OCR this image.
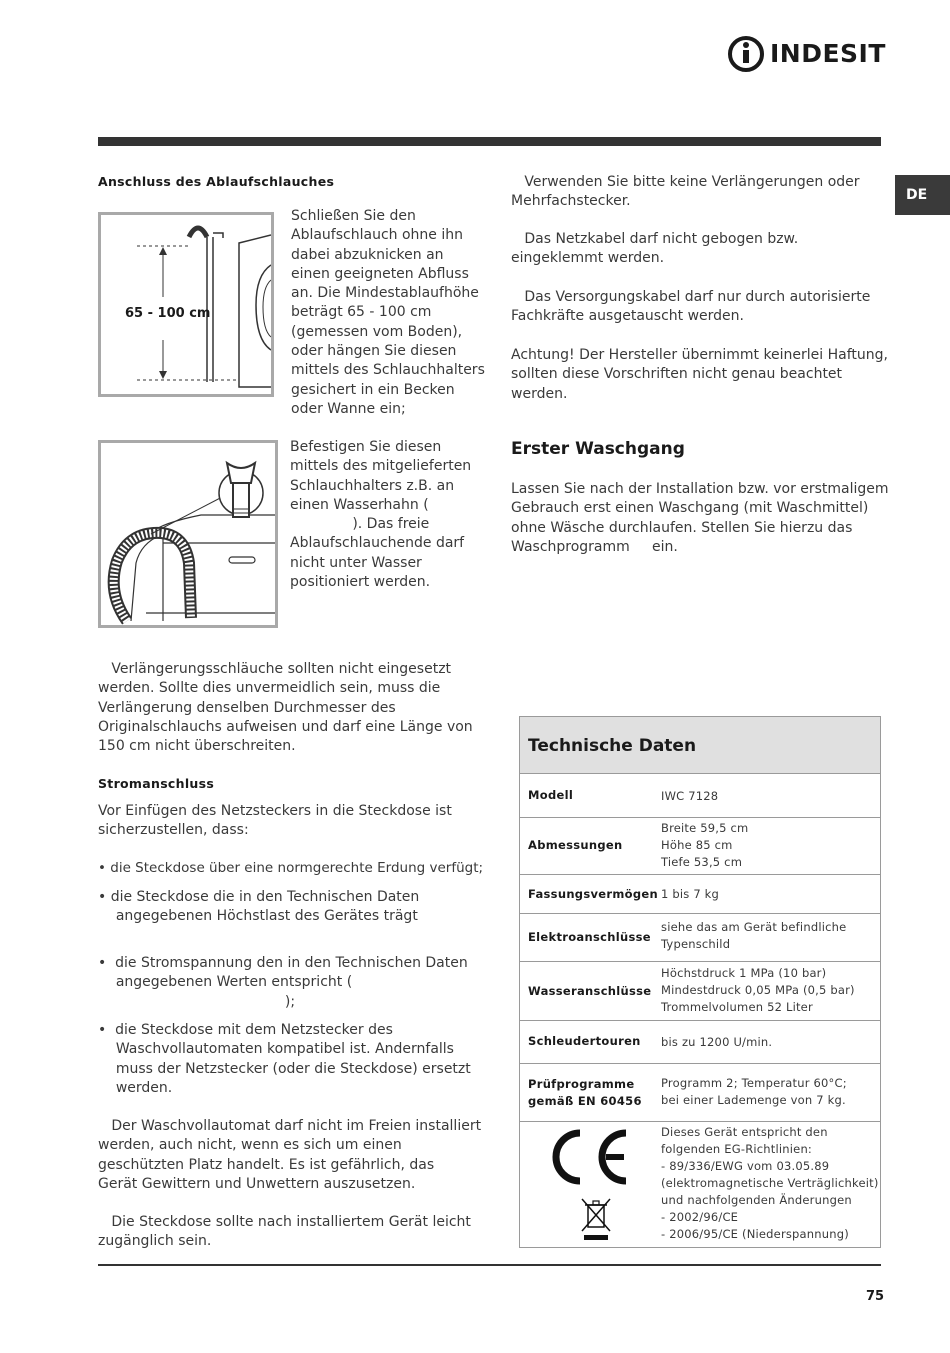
INDESIT
DE
Anschluss des Ablaufschlauches
65 - 100 cm
Schließen Sie den
Ablaufschlauch ohne ihn
dabei abzuknicken an
einen geeigneten Abfluss
an. Die Mindestablaufhöhe
beträgt 65 - 100 cm
(gemessen vom Boden),
oder hängen Sie diesen
mittels des Schlauchhalters
gesichert in ein Becken
oder Wanne ein;
Befestigen Sie diesen
mittels des mitgelieferten
Schlauchhalters z.B. an
einen Wasserhahn (
). Das freie
Ablaufschlauchende darf
nicht unter Wasser
positioniert werden.
Verlängerungsschläuche sollten nicht eingesetzt
werden. Sollte dies unvermeidlich sein, muss die
Verlängerung denselben Durchmesser des
Originalschlauchs aufweisen und darf eine Länge von
150 cm nicht überschreiten.
Stromanschluss
Vor Einfügen des Netzsteckers in die Steckdose ist
sicherzustellen, dass:
• die Steckdose über eine normgerechte Erdung verfügt;
• die Steckdose die in den Technischen Daten
angegebenen Höchstlast des Gerätes trägt
•  die Stromspannung den in den Technischen Daten
angegebenen Werten entspricht (
);
•  die Steckdose mit dem Netzstecker des
Waschvollautomaten kompatibel ist. Andernfalls
muss der Netzstecker (oder die Steckdose) ersetzt
werden.
Der Waschvollautomat darf nicht im Freien installiert
werden, auch nicht, wenn es sich um einen
geschützten Platz handelt. Es ist gefährlich, das
Gerät Gewittern und Unwettern auszusetzen.
Die Steckdose sollte nach installiertem Gerät leicht
zugänglich sein.
Verwenden Sie bitte keine Verlängerungen oder
Mehrfachstecker.
Das Netzkabel darf nicht gebogen bzw.
eingeklemmt werden.
Das Versorgungskabel darf nur durch autorisierte
Fachkräfte ausgetauscht werden.
Achtung! Der Hersteller übernimmt keinerlei Haftung,
sollten diese Vorschriften nicht genau beachtet
werden.
Erster Waschgang
Lassen Sie nach der Installation bzw. vor erstmaligem
Gebrauch erst einen Waschgang (mit Waschmittel)
ohne Wäsche durchlaufen. Stellen Sie hierzu das
Waschprogramm     ein.
Technische Daten
Modell	IWC 7128
Abmessungen
Breite 59,5 cm
Höhe 85 cm
Tiefe 53,5 cm
Fassungsvermögen 1 bis 7 kg
Elektroanschlüsse
siehe das am Gerät befindliche
Typenschild
Wasseranschlüsse
Höchstdruck 1 MPa (10 bar)
Mindestdruck 0,05 MPa (0,5 bar)
Trommelvolumen 52 Liter
Schleudertouren bis zu 1200 U/min.
Prüfprogramme
gemäß EN 60456
Programm 2; Temperatur 60°C;
bei einer Lademenge von 7 kg.
Dieses Gerät entspricht den
folgenden EG-Richtlinien:
- 89/336/EWG vom 03.05.89
(elektromagnetische Verträglichkeit)
und nachfolgenden Änderungen
- 2002/96/CE
- 2006/95/CE (Niederspannung)
75
